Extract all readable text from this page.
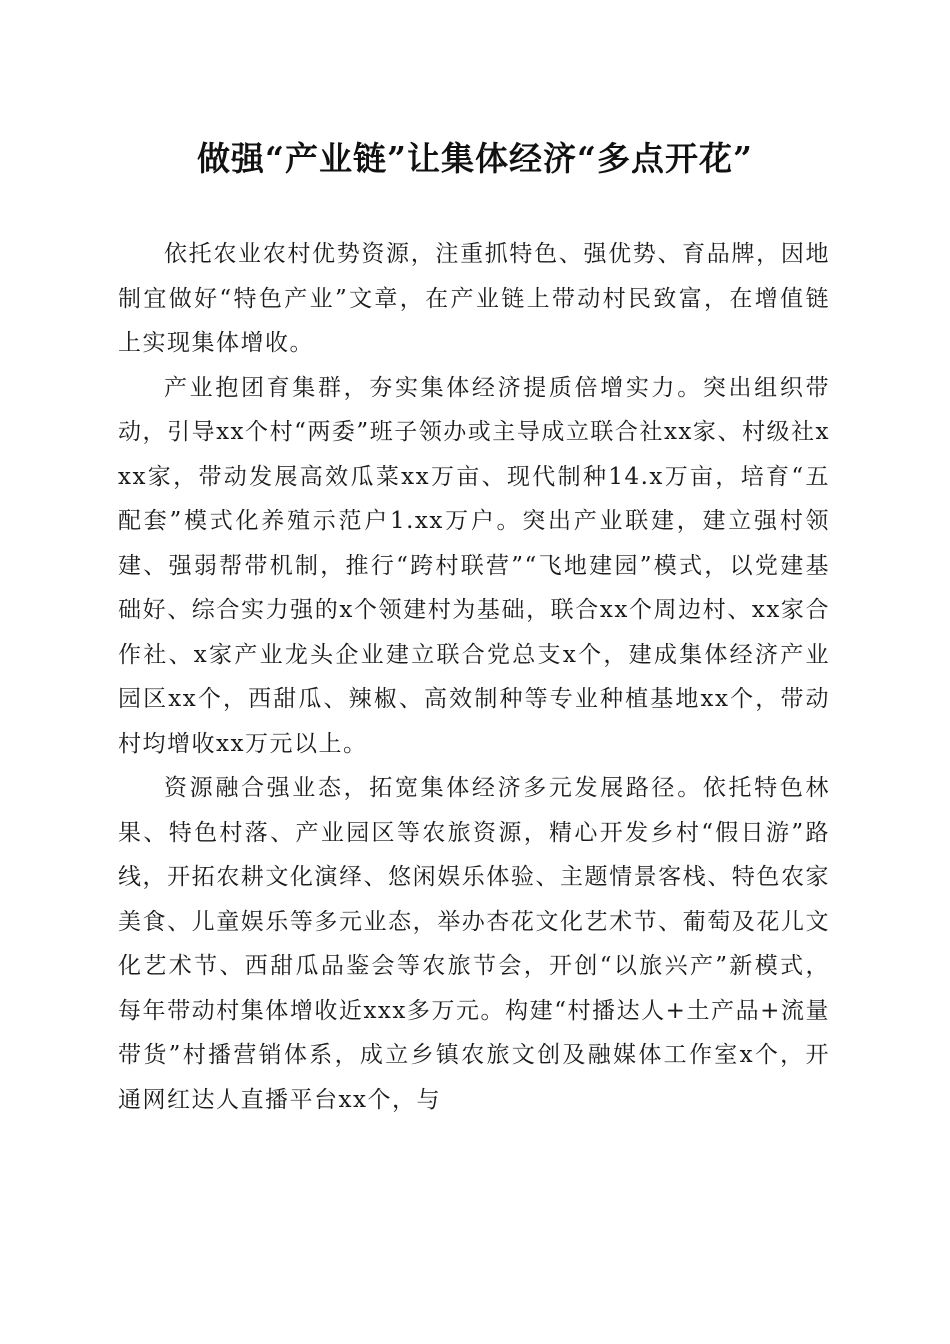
做强“产业链”让集体经济“多点开花”

依托农业农村优势资源，注重抓特色、强优势、育品牌，因地制宜做好“特色产业”文章，在产业链上带动村民致富，在增值链上实现集体增收。

产业抱团育集群，夯实集体经济提质倍增实力。突出组织带动，引导xx个村“两委”班子领办或主导成立联合社xx家、村级社xxx家，带动发展高效瓜菜xx万亩、现代制种14.x万亩，培育“五配套”模式化养殖示范户1.xx万户。突出产业联建，建立强村领建、强弱帮带机制，推行“跨村联营”“飞地建园”模式，以党建基础好、综合实力强的x个领建村为基础，联合xx个周边村、xx家合作社、x家产业龙头企业建立联合党总支x个，建成集体经济产业园区xx个，西甜瓜、辣椒、高效制种等专业种植基地xx个，带动村均增收xx万元以上。

资源融合强业态，拓宽集体经济多元发展路径。依托特色林果、特色村落、产业园区等农旅资源，精心开发乡村“假日游”路线，开拓农耕文化演绎、悠闲娱乐体验、主题情景客栈、特色农家美食、儿童娱乐等多元业态，举办杏花文化艺术节、葡萄及花儿文化艺术节、西甜瓜品鉴会等农旅节会，开创“以旅兴产”新模式，每年带动村集体增收近xxx多万元。构建“村播达人+土产品+流量带货”村播营销体系，成立乡镇农旅文创及融媒体工作室x个，开通网红达人直播平台xx个，与
